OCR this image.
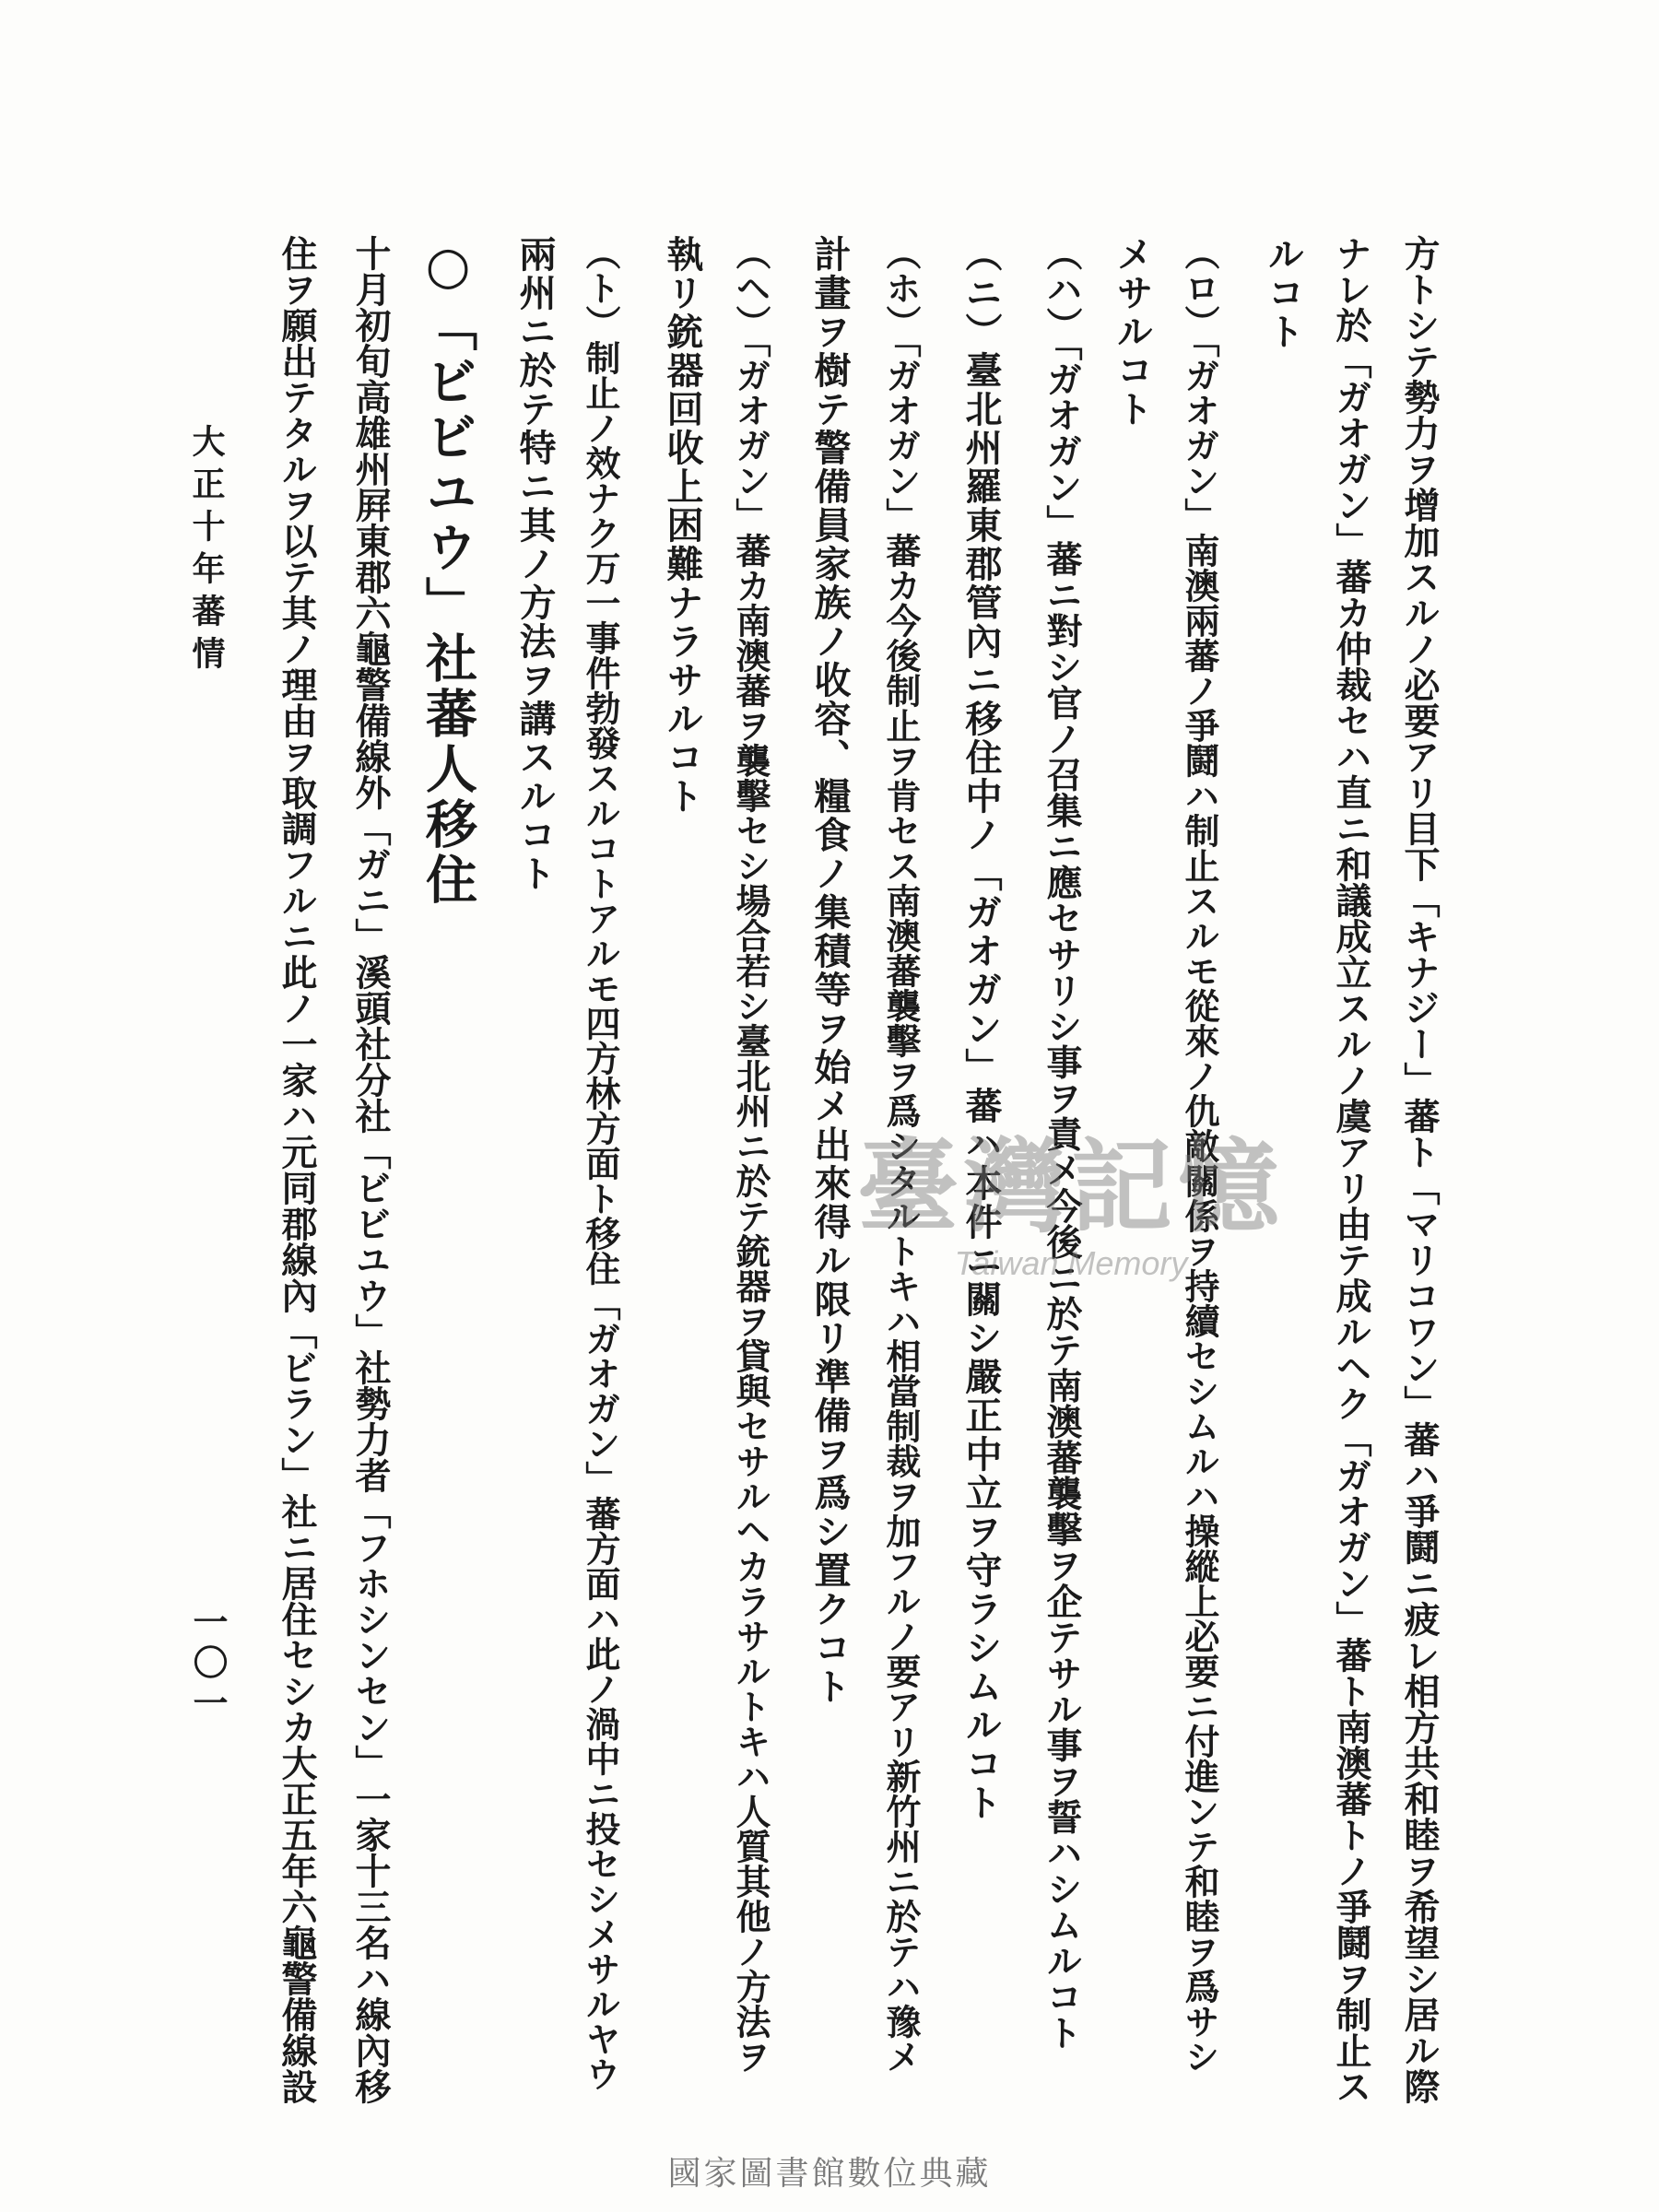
方トシテ勢力ヲ增加スルノ必要アリ目下「キナジー」蕃ト「マリコワン」蕃ハ爭鬪ニ疲レ相方共和睦ヲ希望シ居ル際
ナレ於「ガオガン」蕃カ仲裁セハ直ニ和議成立スルノ虞アリ由テ成ルヘク「ガオガン」蕃ト南澳蕃トノ爭鬪ヲ制止ス
ルコト
（ロ）「ガオガン」南澳兩蕃ノ爭鬪ハ制止スルモ從來ノ仇敵關係ヲ持續セシムルハ操縱上必要ニ付進ンテ和睦ヲ爲サシ
メサルコト
（ハ）「ガオガン」蕃ニ對シ官ノ召集ニ應セサリシ事ヲ責メ今後ニ於テ南澳蕃襲擊ヲ企テサル事ヲ誓ハシムルコト
（ニ）臺北州羅東郡管內ニ移住中ノ「ガオガン」蕃ハ本件ニ關シ嚴正中立ヲ守ラシムルコト
（ホ）「ガオガン」蕃カ今後制止ヲ肯セス南澳蕃襲擊ヲ爲シタルトキハ相當制裁ヲ加フルノ要アリ新竹州ニ於テハ豫メ
計畫ヲ樹テ警備員家族ノ收容、糧食ノ集積等ヲ始メ出來得ル限リ準備ヲ爲シ置クコト
（ヘ）「ガオガン」蕃カ南澳蕃ヲ襲擊セシ場合若シ臺北州ニ於テ銃器ヲ貸與セサルヘカラサルトキハ人質其他ノ方法ヲ
執リ銃器回收上困難ナラサルコト
（ト）制止ノ效ナク万一事件勃發スルコトアルモ四方林方面ト移住「ガオガン」蕃方面ハ此ノ渦中ニ投セシメサルヤウ
兩州ニ於テ特ニ其ノ方法ヲ講スルコト
○「ビビユウ」社蕃人移住
十月初旬高雄州屛東郡六龜警備線外「ガニ」溪頭社分社「ビビユウ」社勢力者「フホシンセン」一家十三名ハ線內移
住ヲ願出テタルヲ以テ其ノ理由ヲ取調フルニ此ノ一家ハ元同郡線內「ビラン」社ニ居住セシカ大正五年六龜警備線設
大正十年蕃情
一〇一
臺灣記憶
Taiwan Memory
國家圖書館數位典藏
